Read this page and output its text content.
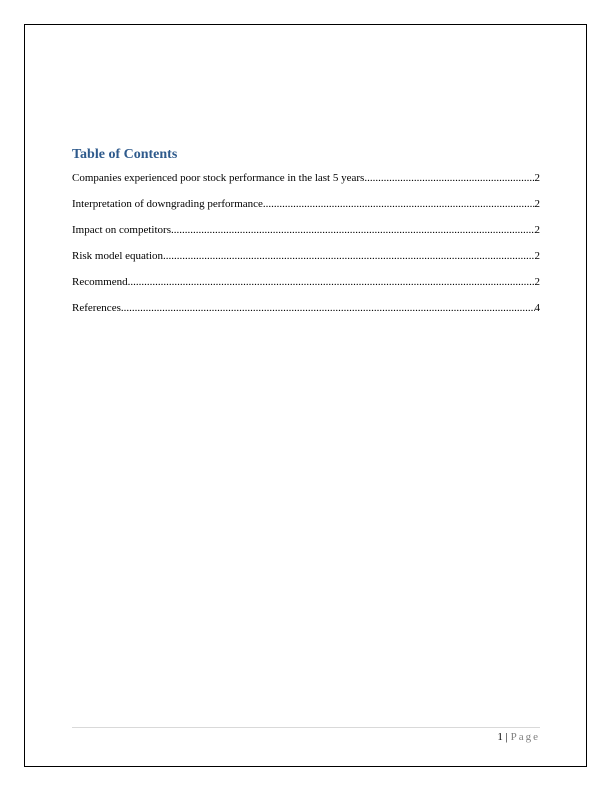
Table of Contents
Companies experienced poor stock performance in the last 5 years .....	2
Interpretation of downgrading performance .....	2
Impact on competitors .....	2
Risk model equation .....	2
Recommend .....	2
References .....	4
1 | Page
